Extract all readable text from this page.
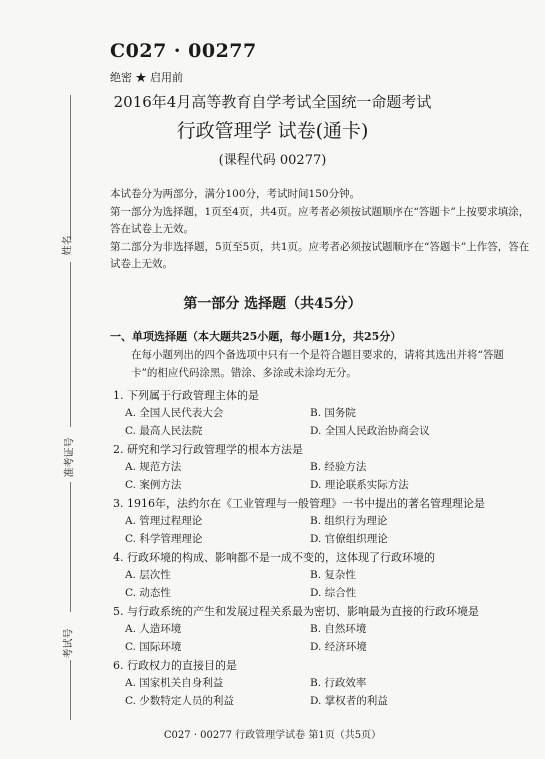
姓名
准考证号
考试号
C027 · 00277
绝密 ★ 启用前
2016年4月高等教育自学考试全国统一命题考试
行政管理学 试卷(通卡)
(课程代码 00277)

本试卷分为两部分，满分100分，考试时间150分钟。

第一部分为选择题，1页至4页，共4页。应考者必须按试题顺序在“答题卡”上按要求填涂，答在试卷上无效。

第二部分为非选择题，5页至5页，共1页。应考者必须按试题顺序在“答题卡”上作答，答在试卷上无效。

第一部分 选择题（共45分）
一、单项选择题（本大题共25小题，每小题1分，共25分）
在每小题列出的四个备选项中只有一个是符合题目要求的，请将其选出并将“答题卡”的相应代码涂黑。错涂、多涂或未涂均无分。
1. 下列属于行政管理主体的是
A. 全国人民代表大会	B. 国务院
C. 最高人民法院	D. 全国人民政治协商会议
2. 研究和学习行政管理学的根本方法是
A. 规范方法	B. 经验方法
C. 案例方法	D. 理论联系实际方法
3. 1916年，法约尔在《工业管理与一般管理》一书中提出的著名管理理论是
A. 管理过程理论	B. 组织行为理论
C. 科学管理理论	D. 官僚组织理论
4. 行政环境的构成、影响都不是一成不变的，这体现了行政环境的
A. 层次性	B. 复杂性
C. 动态性	D. 综合性
5. 与行政系统的产生和发展过程关系最为密切、影响最为直接的行政环境是
A. 人造环境	B. 自然环境
C. 国际环境	D. 经济环境
6. 行政权力的直接目的是
A. 国家机关自身利益	B. 行政效率
C. 少数特定人员的利益	D. 掌权者的利益
C027 · 00277 行政管理学试卷 第1页（共5页）
